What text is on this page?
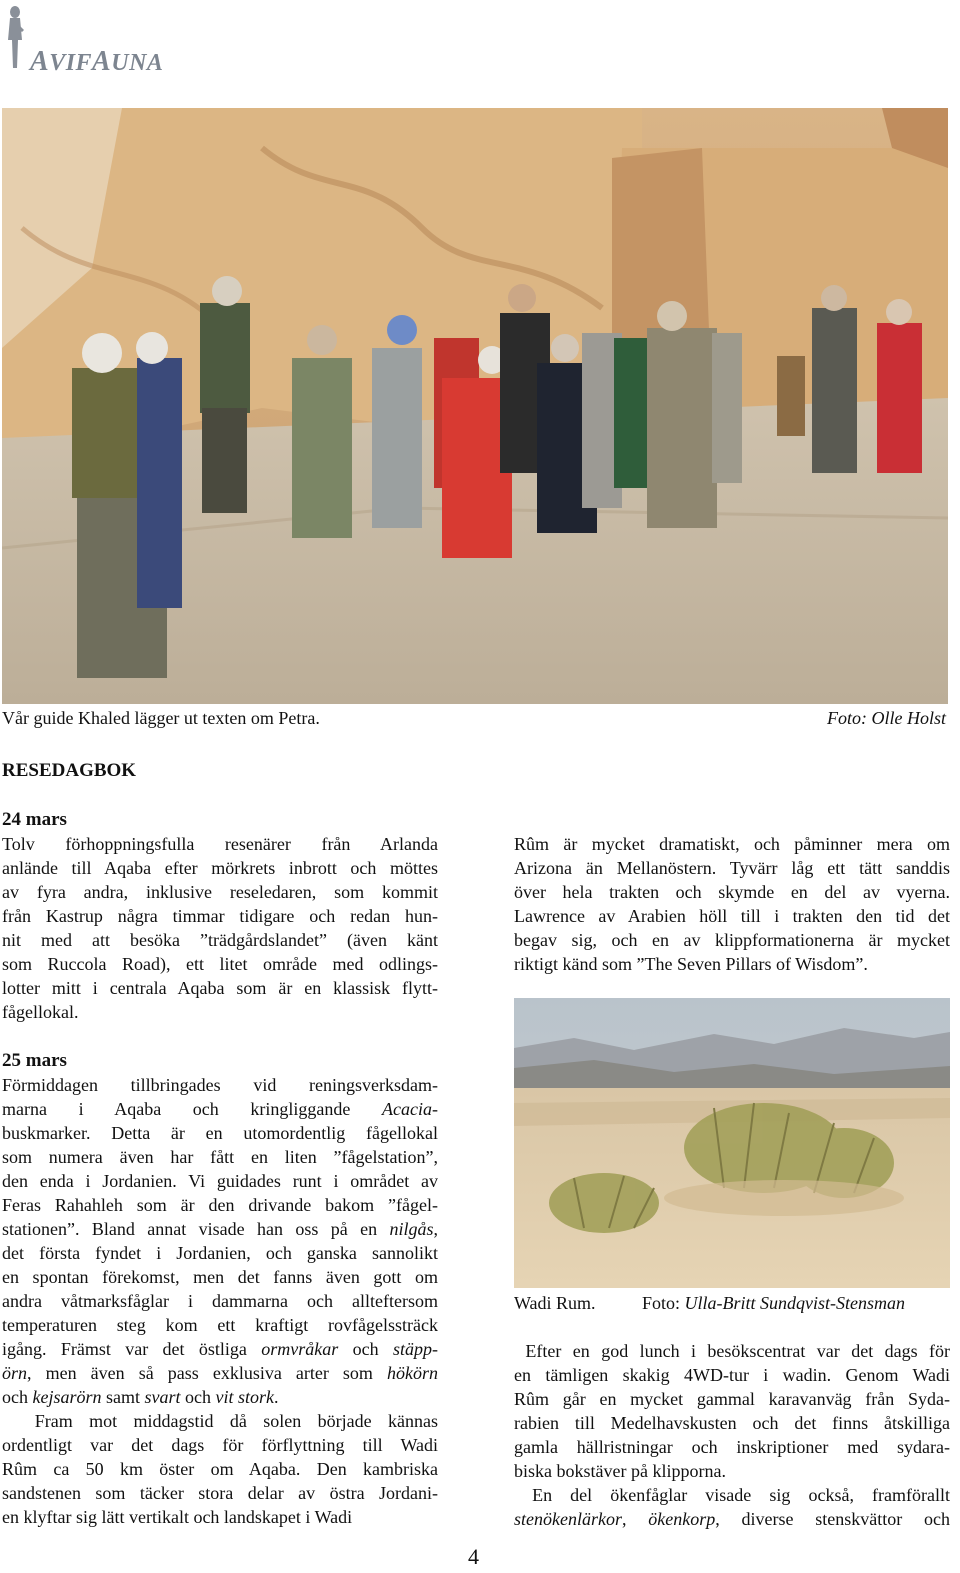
AVIFAUNA
Vår guide Khaled lägger ut texten om Petra.	Foto: Olle Holst
RESEDAGBOK
24 mars
Tolv förhoppningsfulla resenärer från Arlanda
anlände till Aqaba efter mörkrets inbrott och möttes
av fyra andra, inklusive reseledaren, som kommit
från Kastrup några timmar tidigare och redan hun-
nit med att besöka ”trädgårdslandet” (även känt
som Ruccola Road), ett litet område med odlings-
lotter mitt i centrala Aqaba som är en klassisk flytt-
fågellokal.
25 mars
Förmiddagen tillbringades vid reningsverksdam-
marna i Aqaba och kringliggande Acacia-
buskmarker. Detta är en utomordentlig fågellokal
som numera även har fått en liten ”fågelstation”,
den enda i Jordanien. Vi guidades runt i området av
Feras Rahahleh som är den drivande bakom ”fågel-
stationen”. Bland annat visade han oss på en nilgås,
det första fyndet i Jordanien, och ganska sannolikt
en spontan förekomst, men det fanns även gott om
andra våtmarksfåglar i dammarna och allteftersom
temperaturen steg kom ett kraftigt rovfågelssträck
igång. Främst var det östliga ormvråkar och stäpp-
örn, men även så pass exklusiva arter som hökörn
och kejsarörn samt svart och vit stork.
Fram mot middagstid då solen började kännas
ordentligt var det dags för förflyttning till Wadi
Rûm ca 50 km öster om Aqaba. Den kambriska
sandstenen som täcker stora delar av östra Jordani-
en klyftar sig lätt vertikalt och landskapet i Wadi
Rûm är mycket dramatiskt, och påminner mera om
Arizona än Mellanöstern. Tyvärr låg ett tätt sanddis
över hela trakten och skymde en del av vyerna.
Lawrence av Arabien höll till i trakten den tid det
begav sig, och en av klippformationerna är mycket
riktigt känd som ”The Seven Pillars of Wisdom”.
Wadi Rum.	Foto: Ulla-Britt Sundqvist-Stensman
Efter en god lunch i besökscentrat var det dags för
en tämligen skakig 4WD-tur i wadin. Genom Wadi
Rûm går en mycket gammal karavanväg från Syda-
rabien till Medelhavskusten och det finns åtskilliga
gamla hällristningar och inskriptioner med sydara-
biska bokstäver på klipporna.
En del ökenfåglar visade sig också, framförallt
stenökenlärkor, ökenkorp, diverse stenskvättor och
4
